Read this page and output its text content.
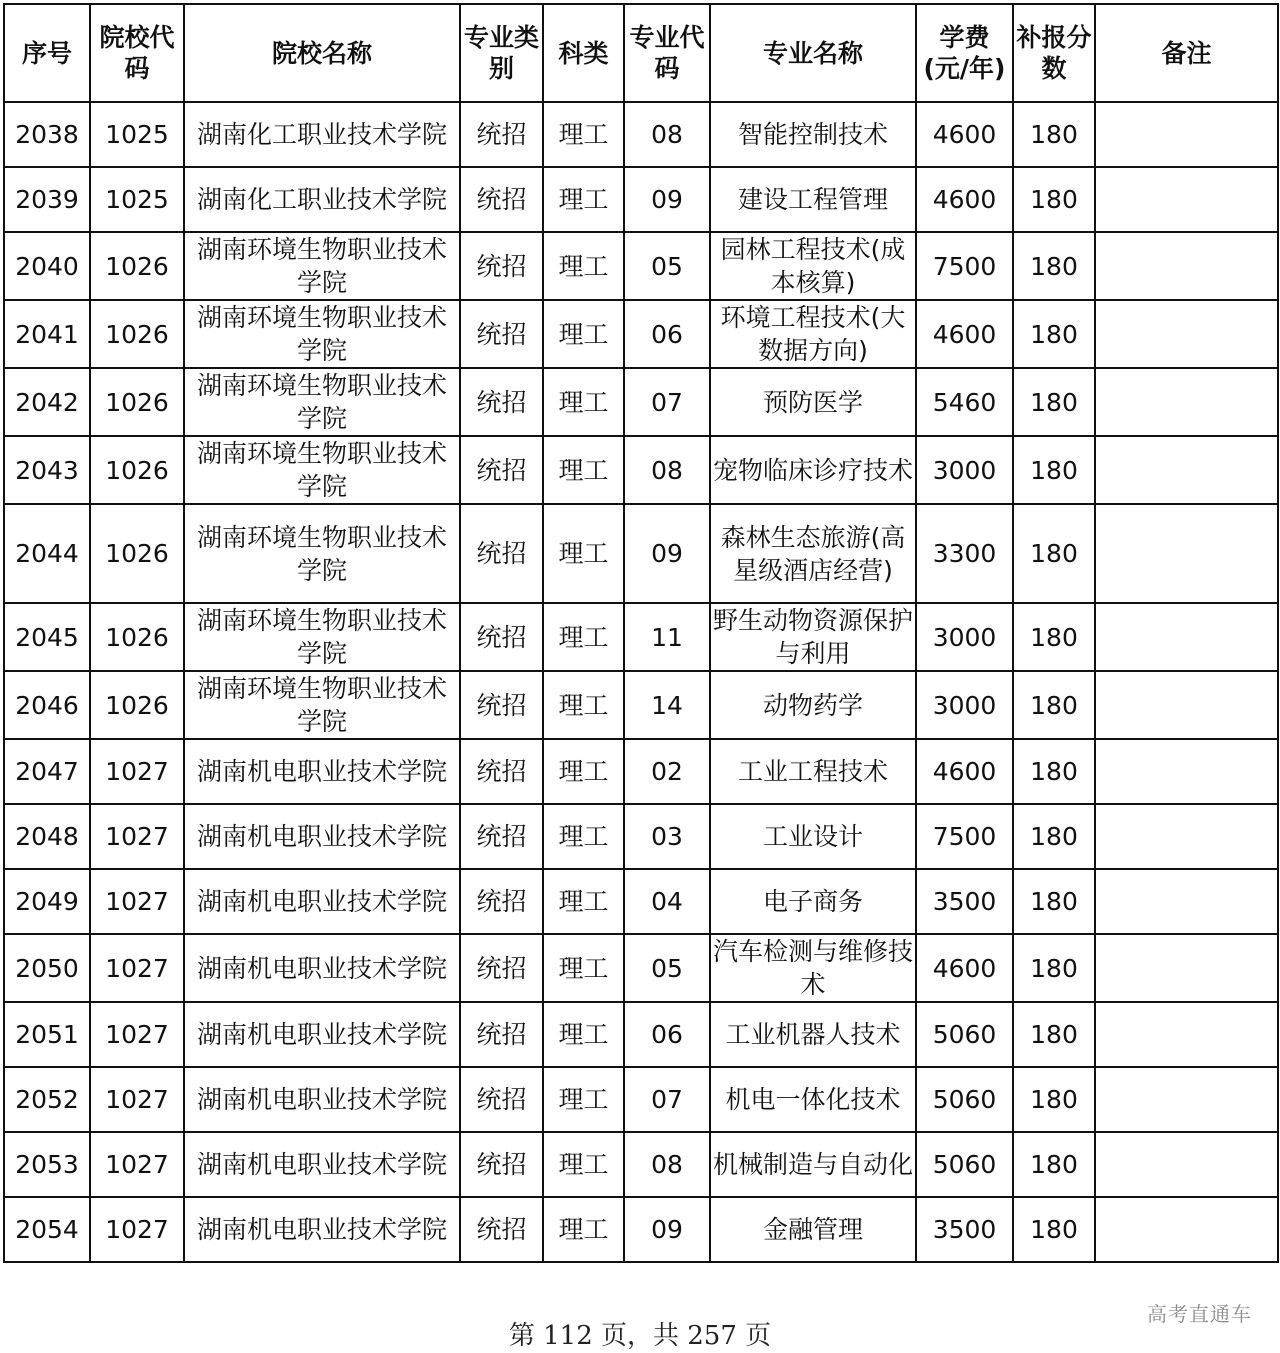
序号	院校代码	院校名称	专业类别	科类	专业代码	专业名称	学费(元/年)	补报分数	备注
2038	1025	湖南化工职业技术学院	统招	理工	08	智能控制技术	4600	180	
2039	1025	湖南化工职业技术学院	统招	理工	09	建设工程管理	4600	180	
2040	1026	湖南环境生物职业技术学院	统招	理工	05	园林工程技术(成本核算)	7500	180	
2041	1026	湖南环境生物职业技术学院	统招	理工	06	环境工程技术(大数据方向)	4600	180	
2042	1026	湖南环境生物职业技术学院	统招	理工	07	预防医学	5460	180	
2043	1026	湖南环境生物职业技术学院	统招	理工	08	宠物临床诊疗技术	3000	180	
2044	1026	湖南环境生物职业技术学院	统招	理工	09	森林生态旅游(高星级酒店经营)	3300	180	
2045	1026	湖南环境生物职业技术学院	统招	理工	11	野生动物资源保护与利用	3000	180	
2046	1026	湖南环境生物职业技术学院	统招	理工	14	动物药学	3000	180	
2047	1027	湖南机电职业技术学院	统招	理工	02	工业工程技术	4600	180	
2048	1027	湖南机电职业技术学院	统招	理工	03	工业设计	7500	180	
2049	1027	湖南机电职业技术学院	统招	理工	04	电子商务	3500	180	
2050	1027	湖南机电职业技术学院	统招	理工	05	汽车检测与维修技术	4600	180	
2051	1027	湖南机电职业技术学院	统招	理工	06	工业机器人技术	5060	180	
2052	1027	湖南机电职业技术学院	统招	理工	07	机电一体化技术	5060	180	
2053	1027	湖南机电职业技术学院	统招	理工	08	机械制造与自动化	5060	180	
2054	1027	湖南机电职业技术学院	统招	理工	09	金融管理	3500	180	
第 112 页，共 257 页
高考直通车
